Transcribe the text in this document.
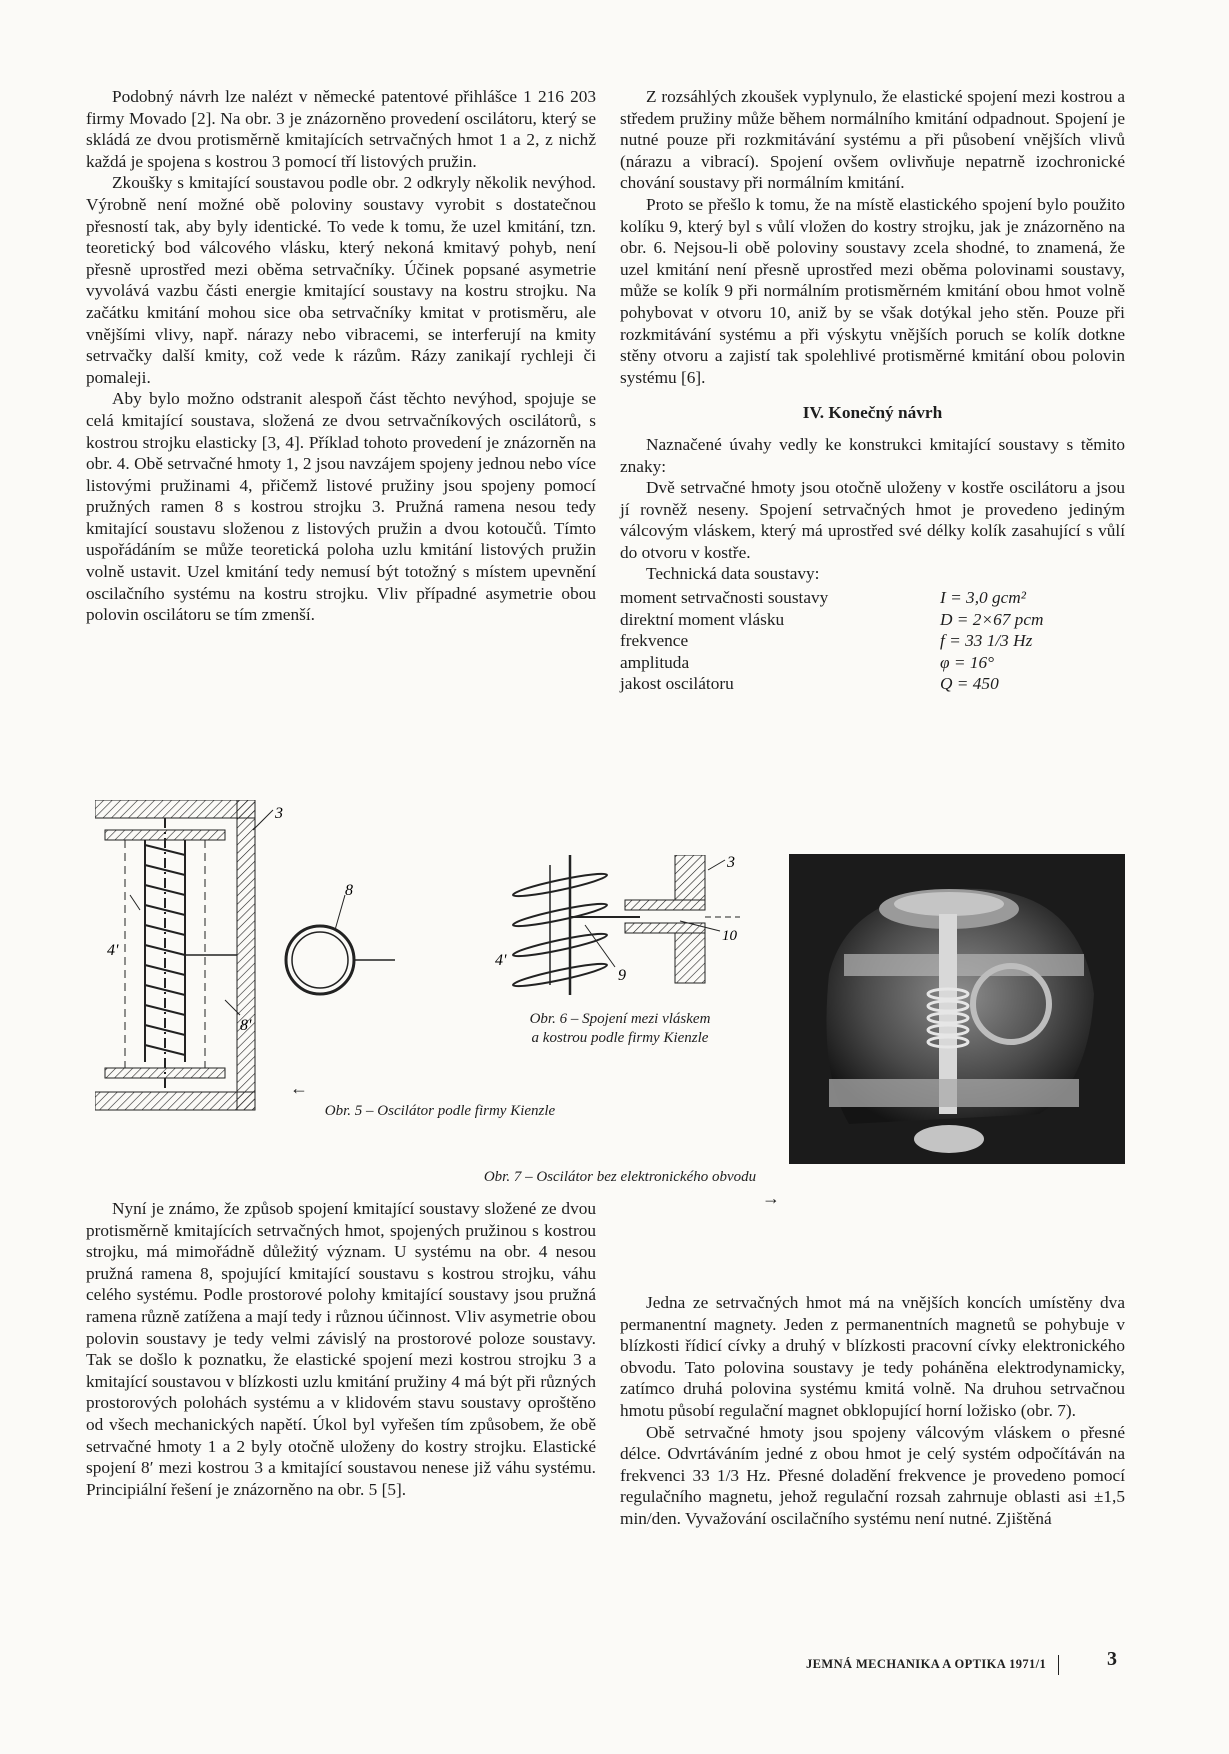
Podobný návrh lze nalézt v německé patentové přihlášce 1 216 203 firmy Movado [2]. Na obr. 3 je znázorněno provedení oscilátoru, který se skládá ze dvou protisměrně kmitajících setrvačných hmot 1 a 2, z nichž každá je spojena s kostrou 3 pomocí tří listových pružin.

Zkoušky s kmitající soustavou podle obr. 2 odkryly několik nevýhod. Výrobně není možné obě poloviny soustavy vyrobit s dostatečnou přesností tak, aby byly identické. To vede k tomu, že uzel kmitání, tzn. teoretický bod válcového vlásku, který nekoná kmitavý pohyb, není přesně uprostřed mezi oběma setrvačníky. Účinek popsané asymetrie vyvolává vazbu části energie kmitající soustavy na kostru strojku. Na začátku kmitání mohou sice oba setrvačníky kmitat v protisměru, ale vnějšími vlivy, např. nárazy nebo vibracemi, se interferují na kmity setrvačky další kmity, což vede k rázům. Rázy zanikají rychleji či pomaleji.

Aby bylo možno odstranit alespoň část těchto nevýhod, spojuje se celá kmitající soustava, složená ze dvou setrvačníkových oscilátorů, s kostrou strojku elasticky [3, 4]. Příklad tohoto provedení je znázorněn na obr. 4. Obě setrvačné hmoty 1, 2 jsou navzájem spojeny jednou nebo více listovými pružinami 4, přičemž listové pružiny jsou spojeny pomocí pružných ramen 8 s kostrou strojku 3. Pružná ramena nesou tedy kmitající soustavu složenou z listových pružin a dvou kotoučů. Tímto uspořádáním se může teoretická poloha uzlu kmitání listových pružin volně ustavit. Uzel kmitání tedy nemusí být totožný s místem upevnění oscilačního systému na kostru strojku. Vliv případné asymetrie obou polovin oscilátoru se tím zmenší.

Z rozsáhlých zkoušek vyplynulo, že elastické spojení mezi kostrou a středem pružiny může během normálního kmitání odpadnout. Spojení je nutné pouze při rozkmitávání systému a při působení vnějších vlivů (nárazu a vibrací). Spojení ovšem ovlivňuje nepatrně izochronické chování soustavy při normálním kmitání.

Proto se přešlo k tomu, že na místě elastického spojení bylo použito kolíku 9, který byl s vůlí vložen do kostry strojku, jak je znázorněno na obr. 6. Nejsou-li obě poloviny soustavy zcela shodné, to znamená, že uzel kmitání není přesně uprostřed mezi oběma polovinami soustavy, může se kolík 9 při normálním protisměrném kmitání obou hmot volně pohybovat v otvoru 10, aniž by se však dotýkal jeho stěn. Pouze při rozkmitávání systému a při výskytu vnějších poruch se kolík dotkne stěny otvoru a zajistí tak spolehlivé protisměrné kmitání obou polovin systému [6].

IV. Konečný návrh

Naznačené úvahy vedly ke konstrukci kmitající soustavy s těmito znaky:

Dvě setrvačné hmoty jsou otočně uloženy v kostře oscilátoru a jsou jí rovněž neseny. Spojení setrvačných hmot je provedeno jediným válcovým vláskem, který má uprostřed své délky kolík zasahující s vůlí do otvoru v kostře.

Technická data soustavy:

moment setrvačnosti soustavy	I = 3,0 gcm²
direktní moment vlásku	D = 2×67 pcm
frekvence	f = 33 1/3 Hz
amplituda	φ = 16°
jakost oscilátoru	Q = 450
3
8
4'
8'
←
Obr. 5 – Oscilátor podle firmy Kienzle
3
10
4'
9
Obr. 6 – Spojení mezi vláskem
a kostrou podle firmy Kienzle
Obr. 7 – Oscilátor bez elektronického obvodu
→

Nyní je známo, že způsob spojení kmitající soustavy složené ze dvou protisměrně kmitajících setrvačných hmot, spojených pružinou s kostrou strojku, má mimořádně důležitý význam. U systému na obr. 4 nesou pružná ramena 8, spojující kmitající soustavu s kostrou strojku, váhu celého systému. Podle prostorové polohy kmitající soustavy jsou pružná ramena různě zatížena a mají tedy i různou účinnost. Vliv asymetrie obou polovin soustavy je tedy velmi závislý na prostorové poloze soustavy. Tak se došlo k poznatku, že elastické spojení mezi kostrou strojku 3 a kmitající soustavou v blízkosti uzlu kmitání pružiny 4 má být při různých prostorových polohách systému a v klidovém stavu soustavy oproštěno od všech mechanických napětí. Úkol byl vyřešen tím způsobem, že obě setrvačné hmoty 1 a 2 byly otočně uloženy do kostry strojku. Elastické spojení 8′ mezi kostrou 3 a kmitající soustavou nenese již váhu systému. Principiální řešení je znázorněno na obr. 5 [5].

Jedna ze setrvačných hmot má na vnějších koncích umístěny dva permanentní magnety. Jeden z permanentních magnetů se pohybuje v blízkosti řídicí cívky a druhý v blízkosti pracovní cívky elektronického obvodu. Tato polovina soustavy je tedy poháněna elektrodynamicky, zatímco druhá polovina systému kmitá volně. Na druhou setrvačnou hmotu působí regulační magnet obklopující horní ložisko (obr. 7).

Obě setrvačné hmoty jsou spojeny válcovým vláskem o přesné délce. Odvrtáváním jedné z obou hmot je celý systém odpočítáván na frekvenci 33 1/3 Hz. Přesné doladění frekvence je provedeno pomocí regulačního magnetu, jehož regulační rozsah zahrnuje oblasti asi ±1,5 min/den. Vyvažování oscilačního systému není nutné. Zjištěná

JEMNÁ MECHANIKA A OPTIKA 1971/1	3
